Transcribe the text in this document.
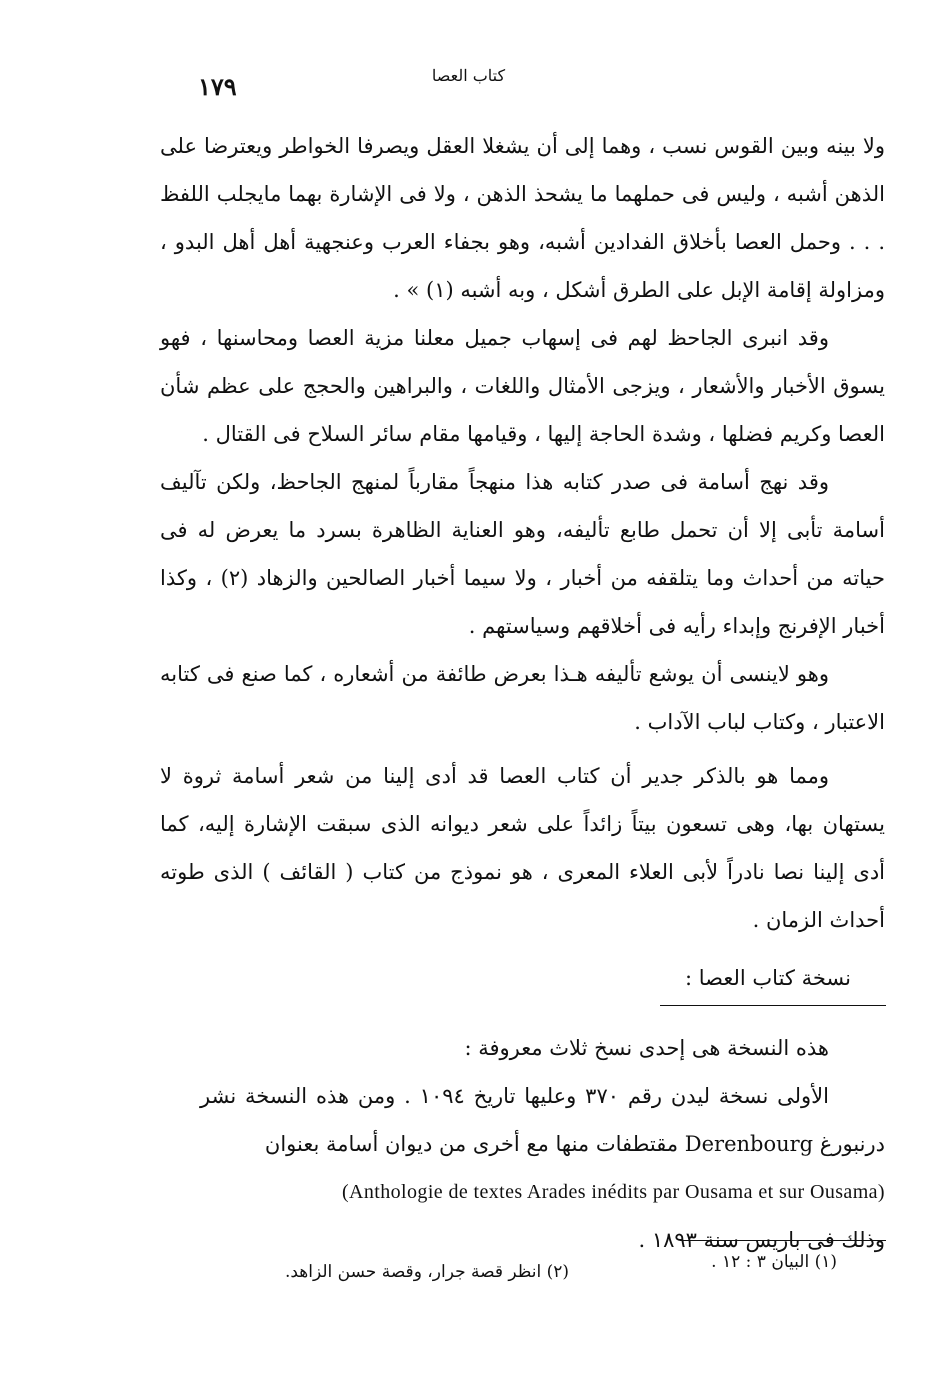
كتاب العصا
١٧٩

ولا بينه وبين القوس نسب ، وهما إلى أن يشغلا العقل ويصرفا الخواطر ويعترضا على الذهن أشبه ، وليس فى حملهما ما يشحذ الذهن ، ولا فى الإشارة بهما مايجلب اللفظ . . . وحمل العصا بأخلاق الفدادين أشبه، وهو بجفاء العرب وعنجهية أهل أهل البدو ، ومزاولة إقامة الإبل على الطرق أشكل ، وبه أشبه (١) » .

وقد انبرى الجاحظ لهم فى إسهاب جميل معلنا مزية العصا ومحاسنها ، فهو يسوق الأخبار والأشعار ، ويزجى الأمثال واللغات ، والبراهين والحجج على عظم شأن العصا وكريم فضلها ، وشدة الحاجة إليها ، وقيامها مقام سائر السلاح فى القتال .

وقد نهج أسامة فى صدر كتابه هذا منهجاً مقارباً لمنهج الجاحظ، ولكن تآليف أسامة تأبى إلا أن تحمل طابع تأليفه، وهو العناية الظاهرة بسرد ما يعرض له فى حياته من أحداث وما يتلقفه من أخبار ، ولا سيما أخبار الصالحين والزهاد (٢) ، وكذا أخبار الإفرنج وإبداء رأيه فى أخلاقهم وسياستهم .

وهو لاينسى أن يوشع تأليفه هـذا بعرض طائفة من أشعاره ، كما صنع فى كتابه الاعتبار ، وكتاب لباب الآداب .

ومما هو بالذكر جدير أن كتاب العصا قد أدى إلينا من شعر أسامة ثروة لا يستهان بها، وهى تسعون بيتاً زائداً على شعر ديوانه الذى سبقت الإشارة إليه، كما أدى إلينا نصا نادراً لأبى العلاء المعرى ، هو نموذج من كتاب ( القائف ) الذى طوته أحداث الزمان .

نسخة كتاب العصا :

هذه النسخة هى إحدى نسخ ثلاث معروفة :

الأولى نسخة ليدن رقم ٣٧٠ وعليها تاريخ ١٠٩٤ . ومن هذه النسخة نشر درنبورغ Derenbourg مقتطفات منها مع أخرى من ديوان أسامة بعنوان

(Anthologie de textes Arades inédits par Ousama et sur Ousama)

وذلك فى باريس سنة ١٨٩٣ .

(١) البيان ٣ : ١٢ .
(٢) انظر قصة جرار، وقصة حسن الزاهد.
